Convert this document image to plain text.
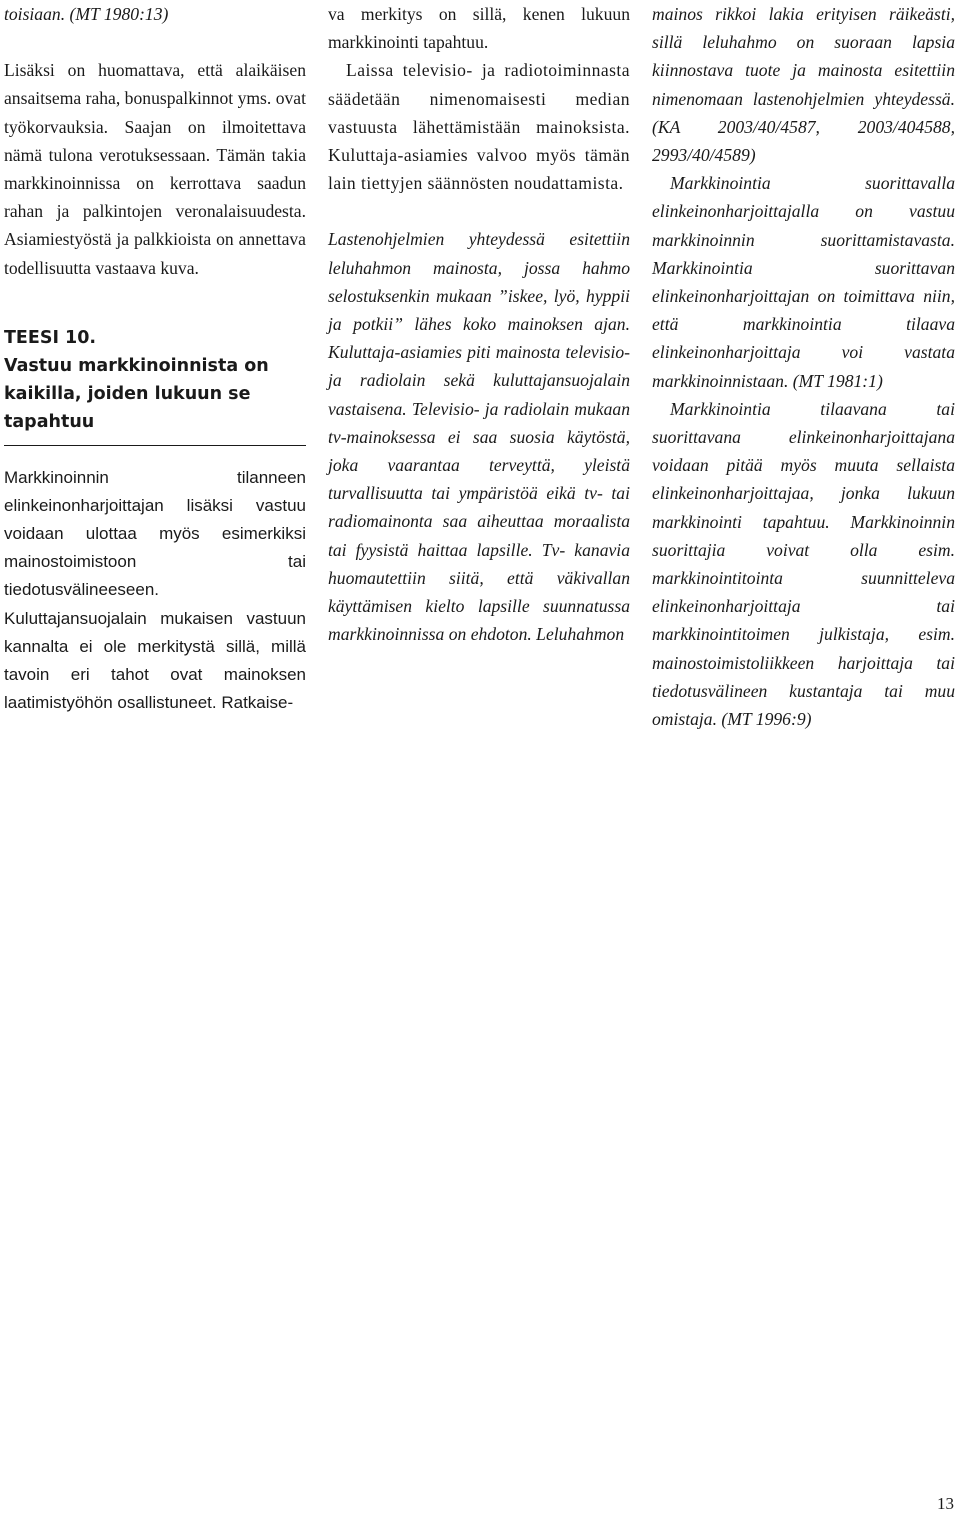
toisiaan. (MT 1980:13)

Lisäksi on huomattava, että alaikäisen ansaitsema raha, bonuspalkinnot yms. ovat työkorvauksia. Saajan on ilmoitettava nämä tulona verotuksessaan. Tämän takia markkinoinnissa on kerrottava saadun rahan ja palkintojen veronalaisuudesta. Asiamiestyöstä ja palkkioista on annettava todellisuutta vastaava kuva.

TEESI 10.
Vastuu markkinoinnista on kaikilla, joiden lukuun se tapahtuu

Markkinoinnin tilanneen elinkeinonharjoittajan lisäksi vastuu voidaan ulottaa myös esimerkiksi mainostoimistoon tai tiedotusvälineeseen. Kuluttajansuojalain mukaisen vastuun kannalta ei ole merkitystä sillä, millä tavoin eri tahot ovat mainoksen laatimistyöhön osallistuneet. Ratkaise-

va merkitys on sillä, kenen lukuun markkinointi tapahtuu.

Laissa televisio- ja radiotoiminnasta säädetään nimenomaisesti median vastuusta lähettämistään mainoksista. Kuluttaja-asiamies valvoo myös tämän lain tiettyjen säännösten noudattamista.

Lastenohjelmien yhteydessä esitettiin leluhahmon mainosta, jossa hahmo selostuksenkin mukaan ”iskee, lyö, hyppii ja potkii” lähes koko mainoksen ajan. Kuluttaja-asiamies piti mainosta televisio- ja radiolain sekä kuluttajansuojalain vastaisena. Televisio- ja radiolain mukaan tv-mainoksessa ei saa suosia käytöstä, joka vaarantaa terveyttä, yleistä turvallisuutta tai ympäristöä eikä tv- tai radiomainonta saa aiheuttaa moraalista tai fyysistä haittaa lapsille. Tv- kanavia huomautettiin siitä, että väkivallan käyttämisen kielto lapsille suunnatussa markkinoinnissa on ehdoton. Leluhahmon

mainos rikkoi lakia erityisen räikeästi, sillä leluhahmo on suoraan lapsia kiinnostava tuote ja mainosta esitettiin nimenomaan lastenohjelmien yhteydessä. (KA 2003/40/4587, 2003/404588, 2993/40/4589)

Markkinointia suorittavalla elinkeinonharjoittajalla on vastuu markkinoinnin suorittamistavasta. Markkinointia suorittavan elinkeinonharjoittajan on toimittava niin, että markkinointia tilaava elinkeinonharjoittaja voi vastata markkinoinnistaan. (MT 1981:1)

Markkinointia tilaavana tai suorittavana elinkeinonharjoittajana voidaan pitää myös muuta sellaista elinkeinonharjoittajaa, jonka lukuun markkinointi tapahtuu. Markkinoinnin suorittajia voivat olla esim. markkinointitointa suunnitteleva elinkeinonharjoittaja tai markkinointitoimen julkistaja, esim. mainostoimistoliikkeen harjoittaja tai tiedotusvälineen kustantaja tai muu omistaja. (MT 1996:9)

13
